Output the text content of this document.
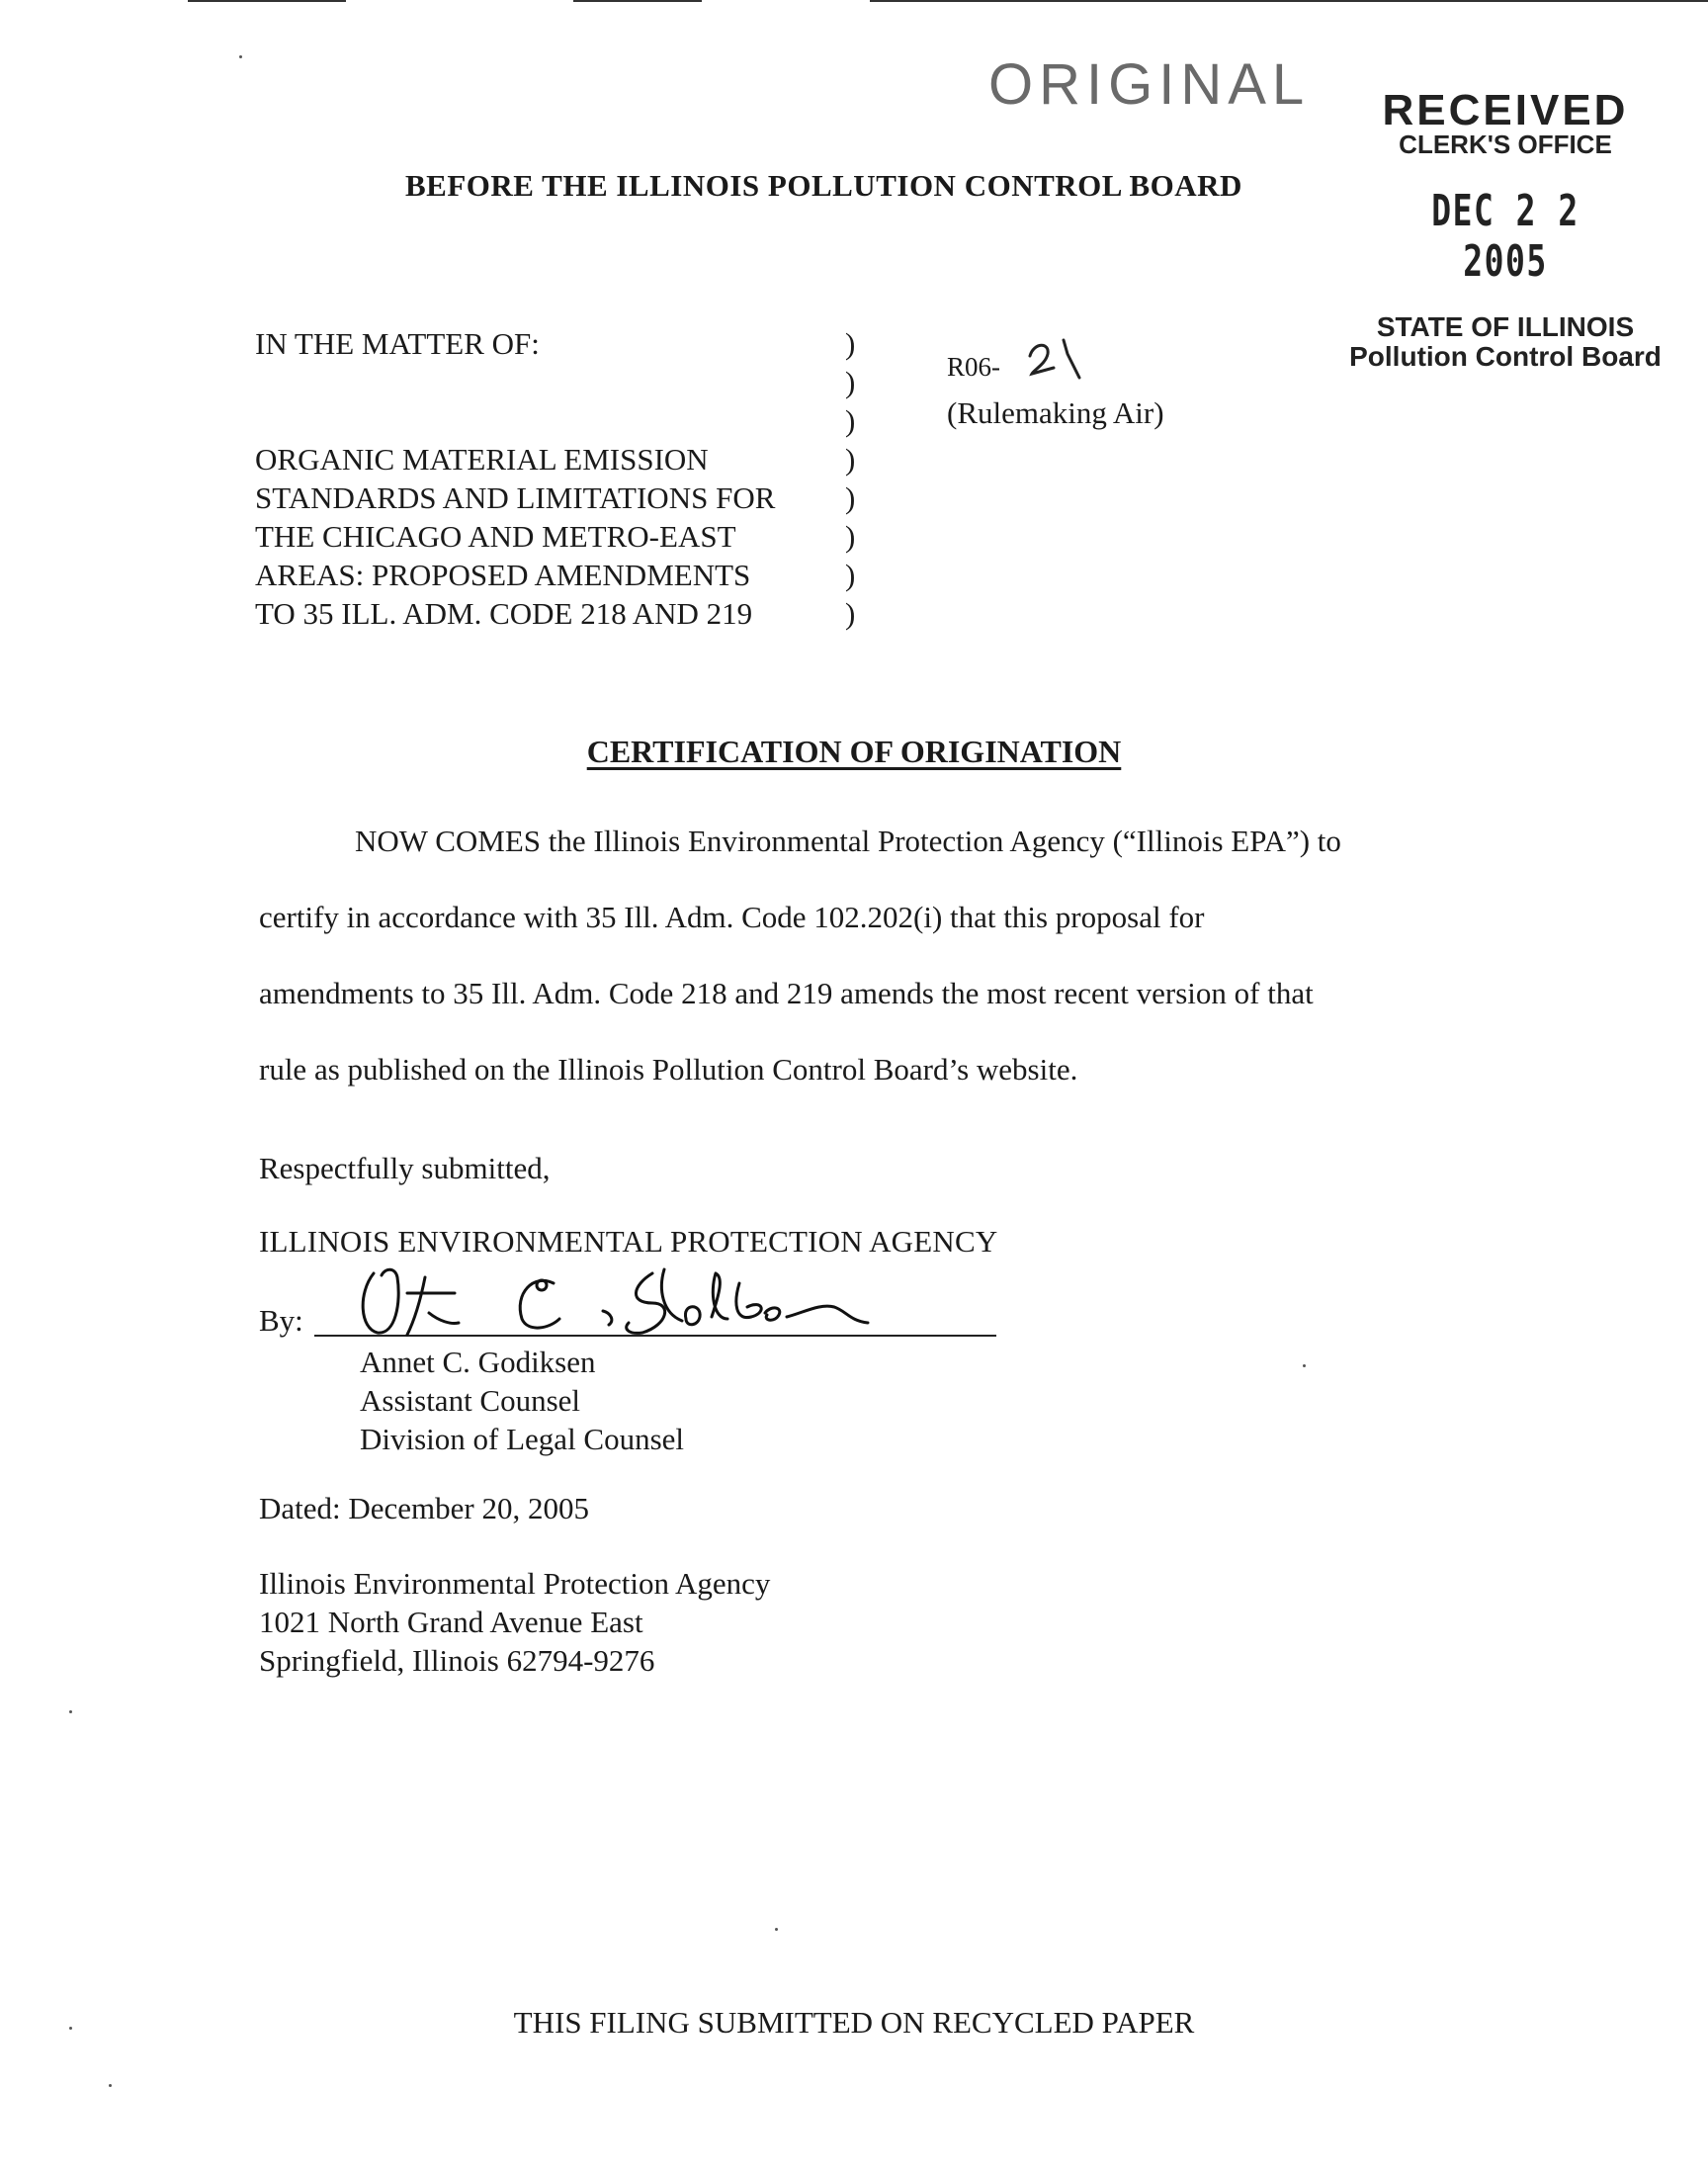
ORIGINAL	RECEIVED
CLERK'S OFFICE
DEC 2 2 2005
STATE OF ILLINOIS
Pollution Control Board
BEFORE THE ILLINOIS POLLUTION CONTROL BOARD
IN THE MATTER OF:
ORGANIC MATERIAL EMISSION
STANDARDS AND LIMITATIONS FOR
THE CHICAGO AND METRO-EAST
AREAS: PROPOSED AMENDMENTS
TO 35 ILL. ADM. CODE 218 AND 219
)
)
)
)
)
)
)
)
R06-
(Rulemaking Air)
CERTIFICATION OF ORIGINATION

NOW COMES the Illinois Environmental Protection Agency (“Illinois EPA”) to

certify in accordance with 35 Ill. Adm. Code 102.202(i) that this proposal for

amendments to 35 Ill. Adm. Code 218 and 219 amends the most recent version of that

rule as published on the Illinois Pollution Control Board’s website.

Respectfully submitted,
ILLINOIS ENVIRONMENTAL PROTECTION AGENCY
By:
Annet C. Godiksen
Assistant Counsel
Division of Legal Counsel
Dated: December 20, 2005
Illinois Environmental Protection Agency
1021 North Grand Avenue East
Springfield, Illinois 62794-9276
THIS FILING SUBMITTED ON RECYCLED PAPER
